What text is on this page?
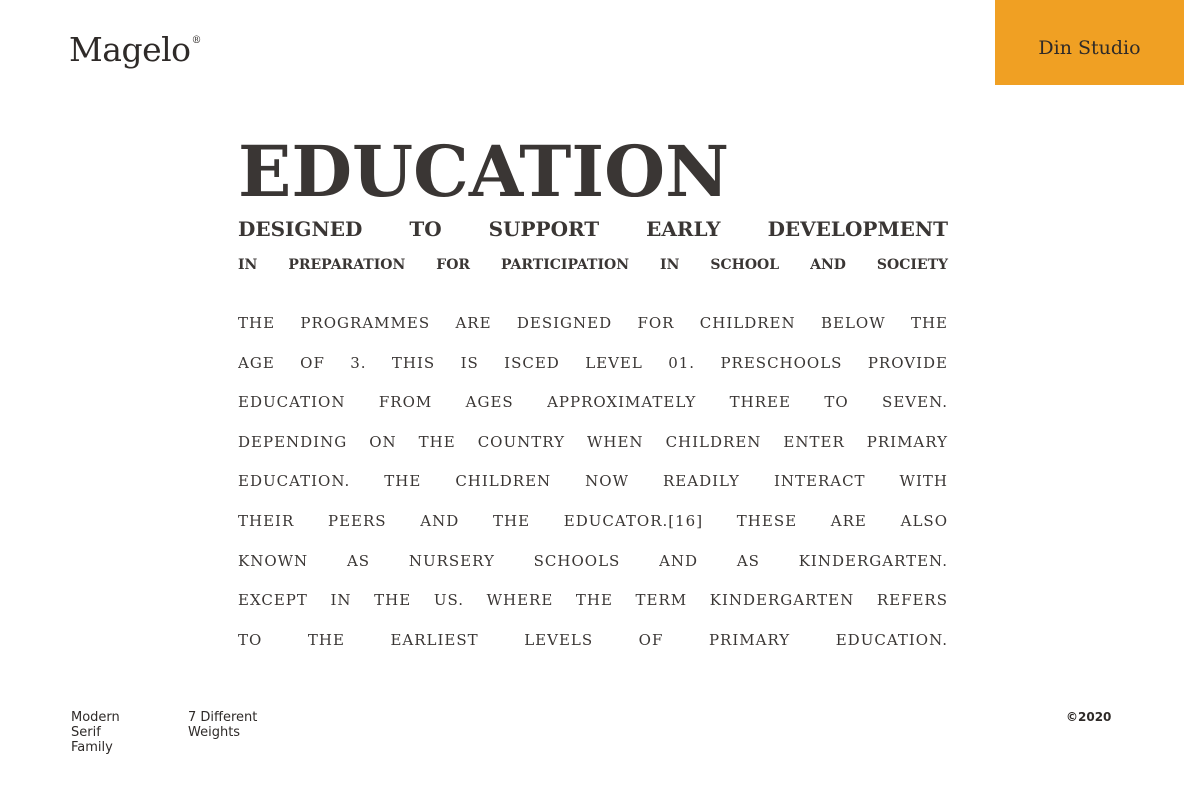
Magelo®	Din Studio
EDUCATION
DESIGNED TO SUPPORT EARLY DEVELOPMENT
IN PREPARATION FOR PARTICIPATION IN SCHOOL AND SOCIETY
THE PROGRAMMES ARE DESIGNED FOR CHILDREN BELOW THE
AGE OF 3. THIS IS ISCED LEVEL 01. PRESCHOOLS PROVIDE
EDUCATION FROM AGES APPROXIMATELY THREE TO SEVEN.
DEPENDING ON THE COUNTRY WHEN CHILDREN ENTER PRIMARY
EDUCATION. THE CHILDREN NOW READILY INTERACT WITH
THEIR PEERS AND THE EDUCATOR.[16] THESE ARE ALSO
KNOWN AS NURSERY SCHOOLS AND AS KINDERGARTEN.
EXCEPT IN THE US. WHERE THE TERM KINDERGARTEN REFERS
TO THE EARLIEST LEVELS OF PRIMARY EDUCATION.
Modern
Serif
Family
7 Different
Weights
©2020
